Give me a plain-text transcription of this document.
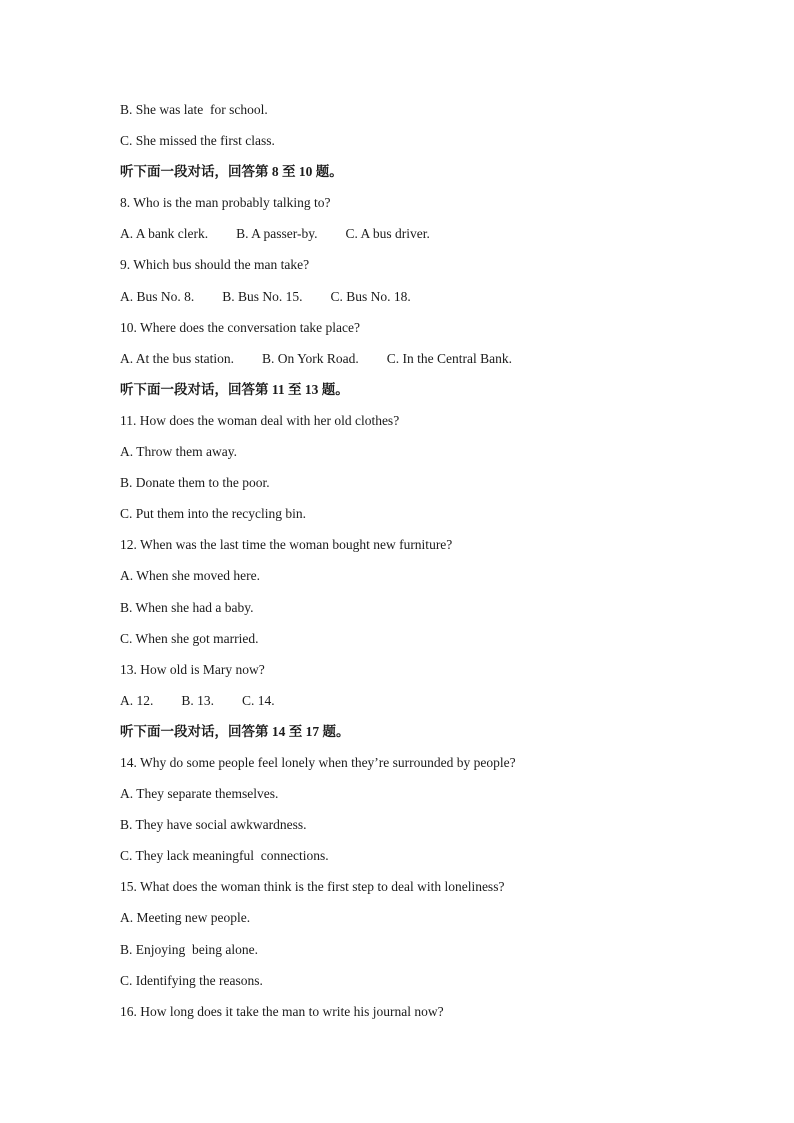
B. She was late  for school.
C. She missed the first class.
听下面一段对话，回答第 8 至 10 题。
8. Who is the man probably talking to?
A. A bank clerk. B. A passer-by. C. A bus driver.
9. Which bus should the man take?
A. Bus No. 8. B. Bus No. 15. C. Bus No. 18.
10. Where does the conversation take place?
A. At the bus station. B. On York Road. C. In the Central Bank.
听下面一段对话，回答第 11 至 13 题。
11. How does the woman deal with her old clothes?
A. Throw them away.
B. Donate them to the poor.
C. Put them into the recycling bin.
12. When was the last time the woman bought new furniture?
A. When she moved here.
B. When she had a baby.
C. When she got married.
13. How old is Mary now?
A. 12. B. 13. C. 14.
听下面一段对话，回答第 14 至 17 题。
14. Why do some people feel lonely when they’re surrounded by people?
A. They separate themselves.
B. They have social awkwardness.
C. They lack meaningful  connections.
15. What does the woman think is the first step to deal with loneliness?
A. Meeting new people.
B. Enjoying  being alone.
C. Identifying the reasons.
16. How long does it take the man to write his journal now?
